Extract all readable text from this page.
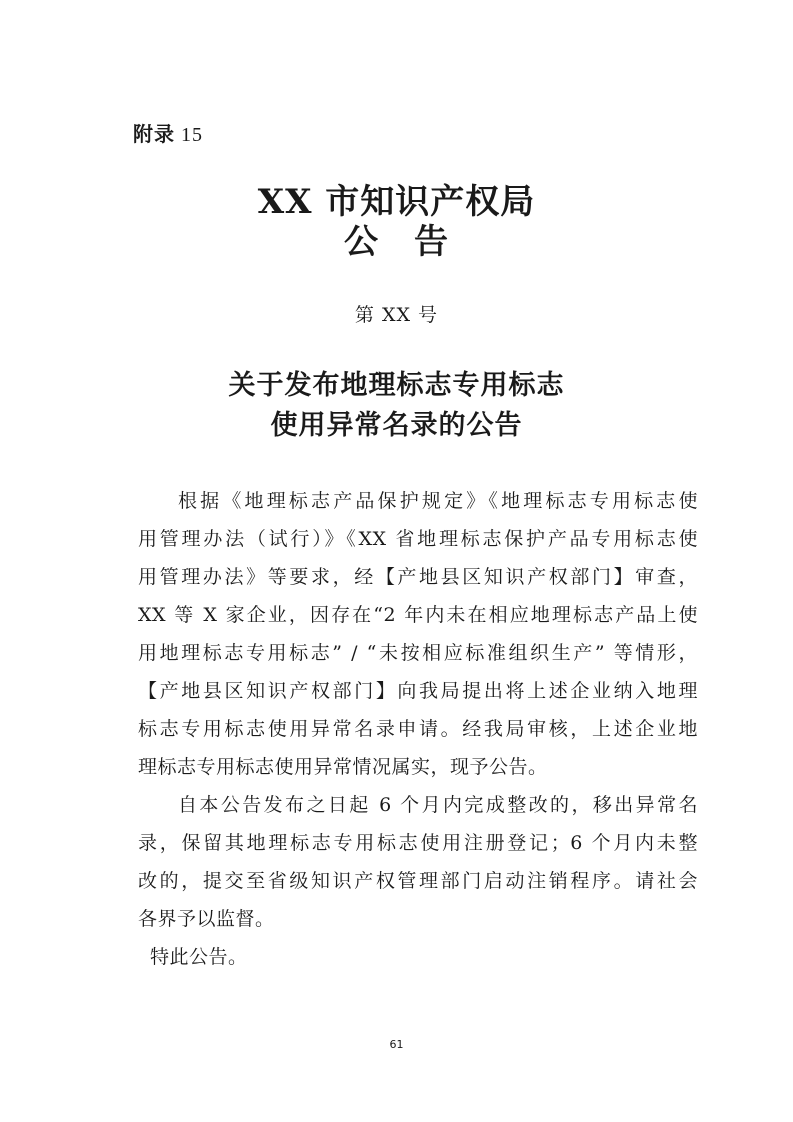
附录 15
XX 市知识产权局
公　告
第 XX 号
关于发布地理标志专用标志
使用异常名录的公告
根据《地理标志产品保护规定》《地理标志专用标志使
用管理办法（试行）》《XX 省地理标志保护产品专用标志使
用管理办法》等要求，经【产地县区知识产权部门】审查，
XX 等 X 家企业，因存在“2 年内未在相应地理标志产品上使
用地理标志专用标志” / “未按相应标准组织生产” 等情形，
【产地县区知识产权部门】向我局提出将上述企业纳入地理
标志专用标志使用异常名录申请。经我局审核，上述企业地
理标志专用标志使用异常情况属实，现予公告。
自本公告发布之日起 6 个月内完成整改的，移出异常名
录，保留其地理标志专用标志使用注册登记；6 个月内未整
改的，提交至省级知识产权管理部门启动注销程序。请社会
各界予以监督。
特此公告。
61
